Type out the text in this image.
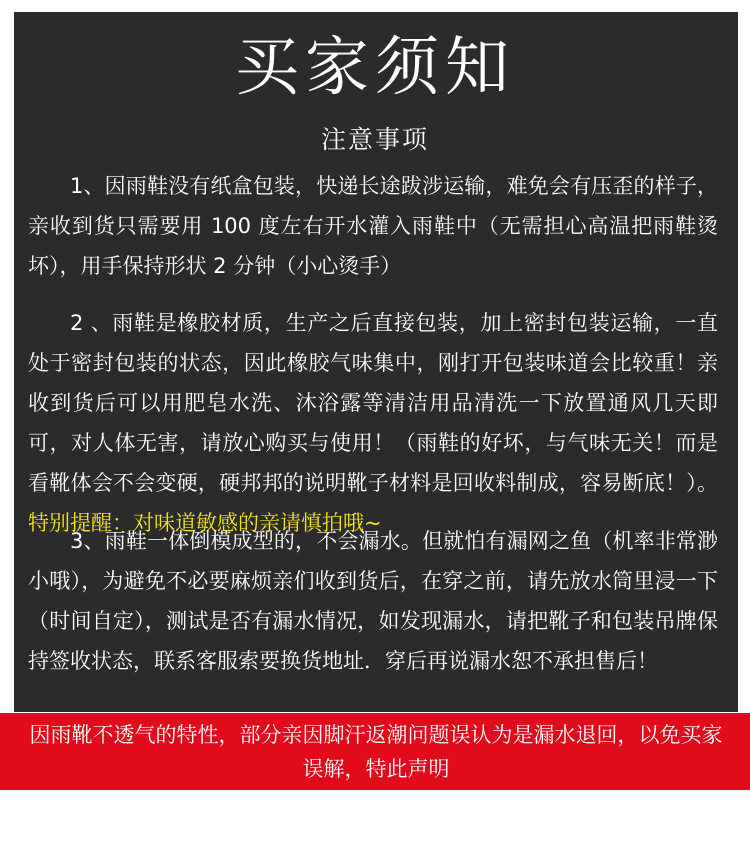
买家须知
注意事项

1、因雨鞋没有纸盒包装，快递长途跋涉运输，难免会有压歪的样子，亲收到货只需要用 100 度左右开水灌入雨鞋中（无需担心高温把雨鞋烫坏），用手保持形状 2 分钟（小心烫手）

2 、雨鞋是橡胶材质，生产之后直接包装，加上密封包装运输，一直处于密封包装的状态，因此橡胶气味集中，刚打开包装味道会比较重！亲收到货后可以用肥皂水洗、沐浴露等清洁用品清洗一下放置通风几天即可，对人体无害，请放心购买与使用！（雨鞋的好坏，与气味无关！而是看靴体会不会变硬，硬邦邦的说明靴子材料是回收料制成，容易断底！）。特别提醒：对味道敏感的亲请慎拍哦~

3、雨鞋一体倒模成型的，不会漏水。但就怕有漏网之鱼（机率非常渺小哦），为避免不必要麻烦亲们收到货后，在穿之前，请先放水筒里浸一下（时间自定），测试是否有漏水情况，如发现漏水，请把靴子和包装吊牌保持签收状态，联系客服索要换货地址．穿后再说漏水恕不承担售后！

因雨靴不透气的特性，部分亲因脚汗返潮问题误认为是漏水退回，以免买家误解，特此声明
